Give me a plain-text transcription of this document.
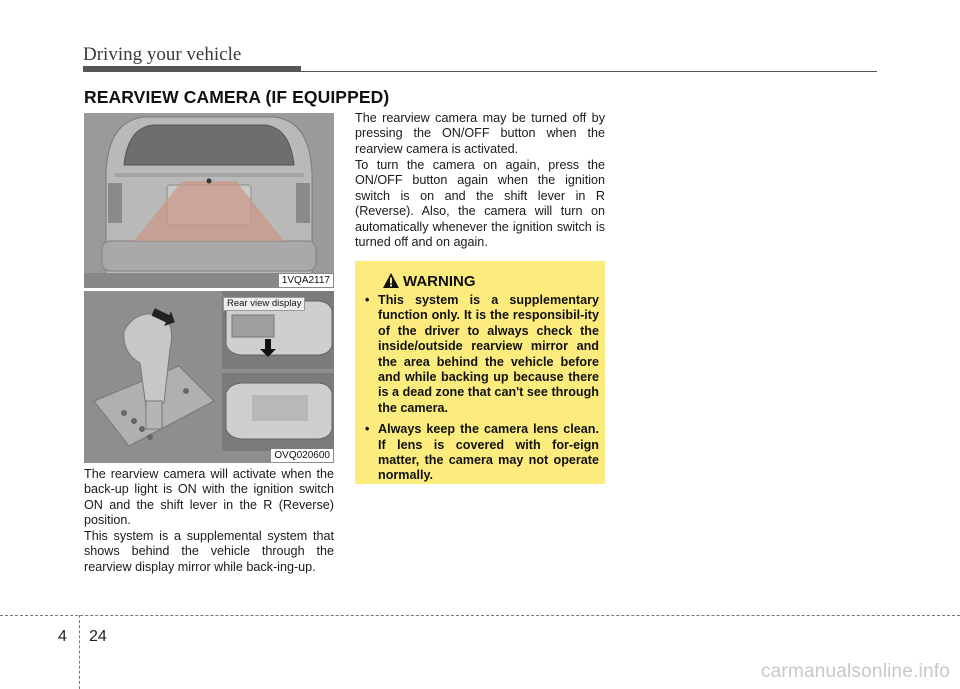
Driving your vehicle
REARVIEW CAMERA (IF EQUIPPED)
1VQA2117
Rear view display
OVQ020600

The rearview camera will activate when the back-up light is ON with the ignition switch ON and the shift lever in the R (Reverse) position.

This system is a supplemental system that shows behind the vehicle through the rearview display mirror while back-ing-up.

The rearview camera may be turned off by pressing the ON/OFF button when the rearview camera is activated.

To turn the camera on again, press the ON/OFF button again when the ignition switch is on and the shift lever in R (Reverse). Also, the camera will turn on automatically whenever the ignition switch is turned off and on again.

WARNING
• This system is a supplementary function only. It is the responsibil-ity of the driver to always check the inside/outside rearview mirror and the area behind the vehicle before and while backing up because there is a dead zone that can't see through the camera.
• Always keep the camera lens clean. If lens is covered with for-eign matter, the camera may not operate normally.
4 24
carmanualsonline.info
